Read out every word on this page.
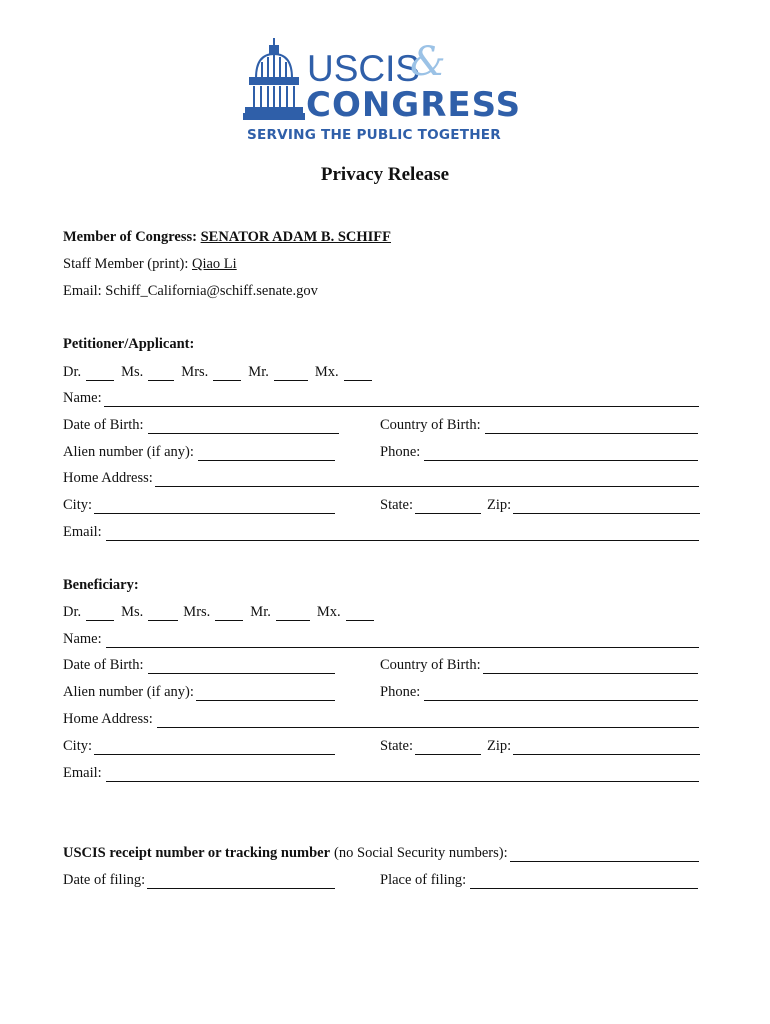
USCIS
&
CONGRESS
SERVING THE PUBLIC TOGETHER
Privacy Release
Member of Congress: SENATOR ADAM B. SCHIFF
Staff Member (print): Qiao Li
Email: Schiff_California@schiff.senate.gov
Petitioner/Applicant:
Dr.	Ms.	Mrs.	Mr.	Mx.
Name:
Date of Birth:	Country of Birth:
Alien number (if any):	Phone:
Home Address:
City:	State:	Zip:
Email:
Beneficiary:
Dr.	Ms.	Mrs.	Mr.	Mx.
Name:
Date of Birth:	Country of Birth:
Alien number (if any):	Phone:
Home Address:
City:	State:	Zip:
Email:
USCIS receipt number or tracking number (no Social Security numbers):
Date of filing:	Place of filing:
